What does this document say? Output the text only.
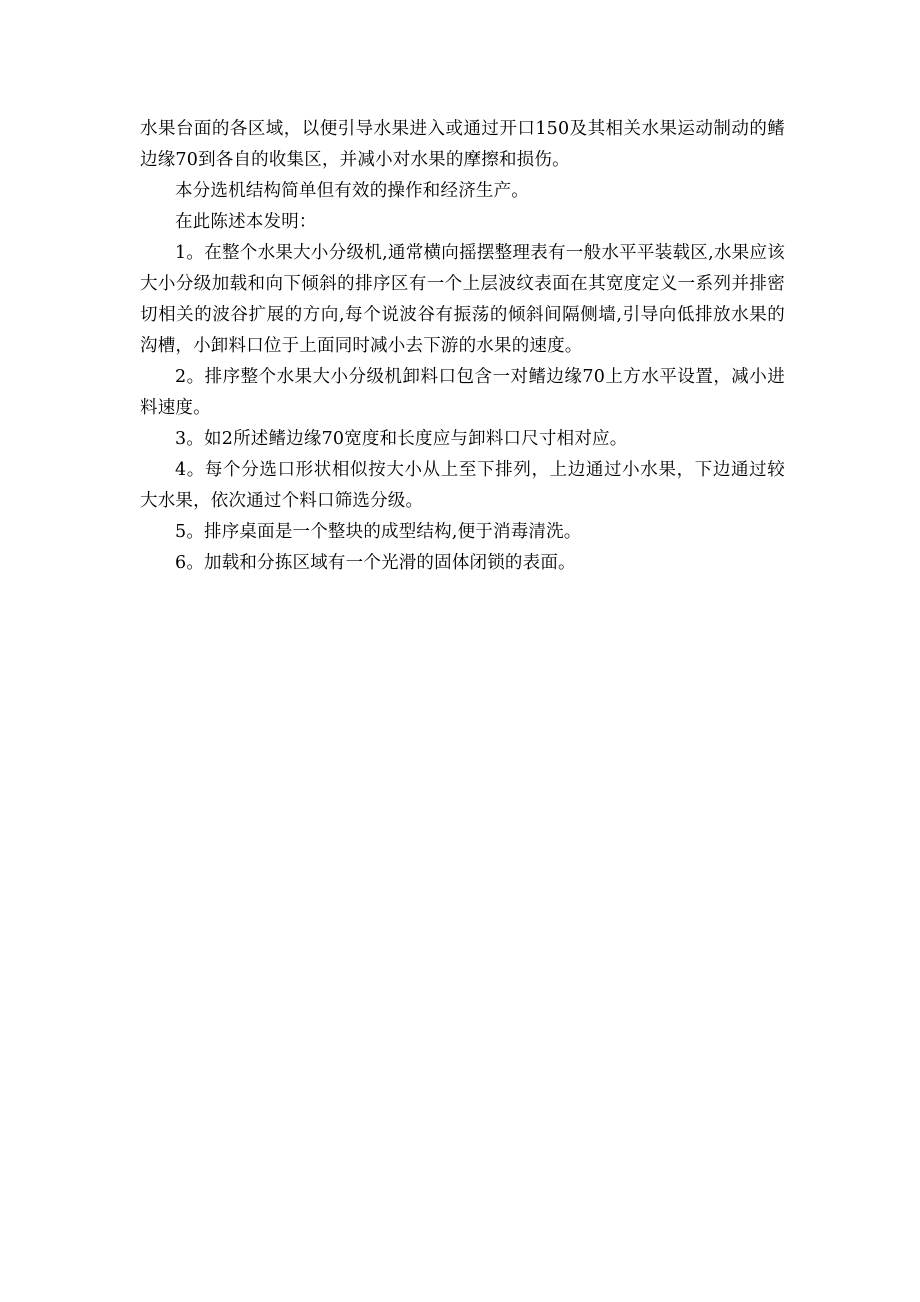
水果台面的各区域，以便引导水果进入或通过开口150及其相关水果运动制动的鳍边缘70到各自的收集区，并减小对水果的摩擦和损伤。

本分选机结构简单但有效的操作和经济生产。

在此陈述本发明：

1。在整个水果大小分级机,通常横向摇摆整理表有一般水平平装载区,水果应该大小分级加载和向下倾斜的排序区有一个上层波纹表面在其宽度定义一系列并排密切相关的波谷扩展的方向,每个说波谷有振荡的倾斜间隔侧墙,引导向低排放水果的沟槽，小卸料口位于上面同时减小去下游的水果的速度。

2。排序整个水果大小分级机卸料口包含一对鳍边缘70上方水平设置，减小进料速度。

3。如2所述鳍边缘70宽度和长度应与卸料口尺寸相对应。

4。每个分选口形状相似按大小从上至下排列，上边通过小水果，下边通过较大水果，依次通过个料口筛选分级。

5。排序桌面是一个整块的成型结构,便于消毒清洗。

6。加载和分拣区域有一个光滑的固体闭锁的表面。
